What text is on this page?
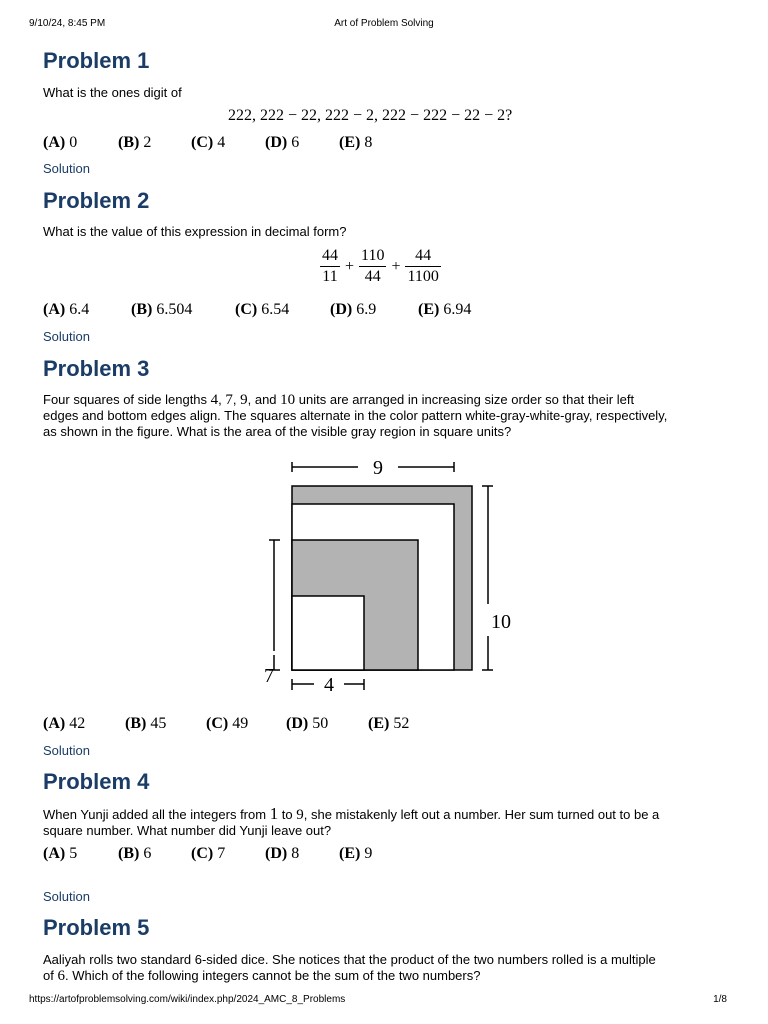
9/10/24, 8:45 PM	Art of Problem Solving
Problem 1
What is the ones digit of
222, 222 − 22, 222 − 2, 222 − 222 − 22 − 2?
(A) 0	(B) 2 (C) 4 (D) 6 (E) 8
Solution
Problem 2
What is the value of this expression in decimal form?
$\frac{44}{11} + \frac{110}{44} + \frac{44}{1100}$
(A) 6.4	(B) 6.504	(C) 6.54	(D) 6.9	(E) 6.94
Solution
Problem 3
Four squares of side lengths 4, 7, 9, and 10 units are arranged in increasing size order so that their left
edges and bottom edges align. The squares alternate in the color pattern white-gray-white-gray, respectively,
as shown in the figure. What is the area of the visible gray region in square units?
9
10
7	4
(A) 42 (B) 45 (C) 49 (D) 50 (E) 52
Solution
Problem 4
When Yunji added all the integers from 1 to 9, she mistakenly left out a number. Her sum turned out to be a
square number. What number did Yunji leave out?
(A) 5	(B) 6 (C) 7 (D) 8 (E) 9
Solution
Problem 5
Aaliyah rolls two standard 6-sided dice. She notices that the product of the two numbers rolled is a multiple
of 6. Which of the following integers cannot be the sum of the two numbers?
https://artofproblemsolving.com/wiki/index.php/2024_AMC_8_Problems	1/8
